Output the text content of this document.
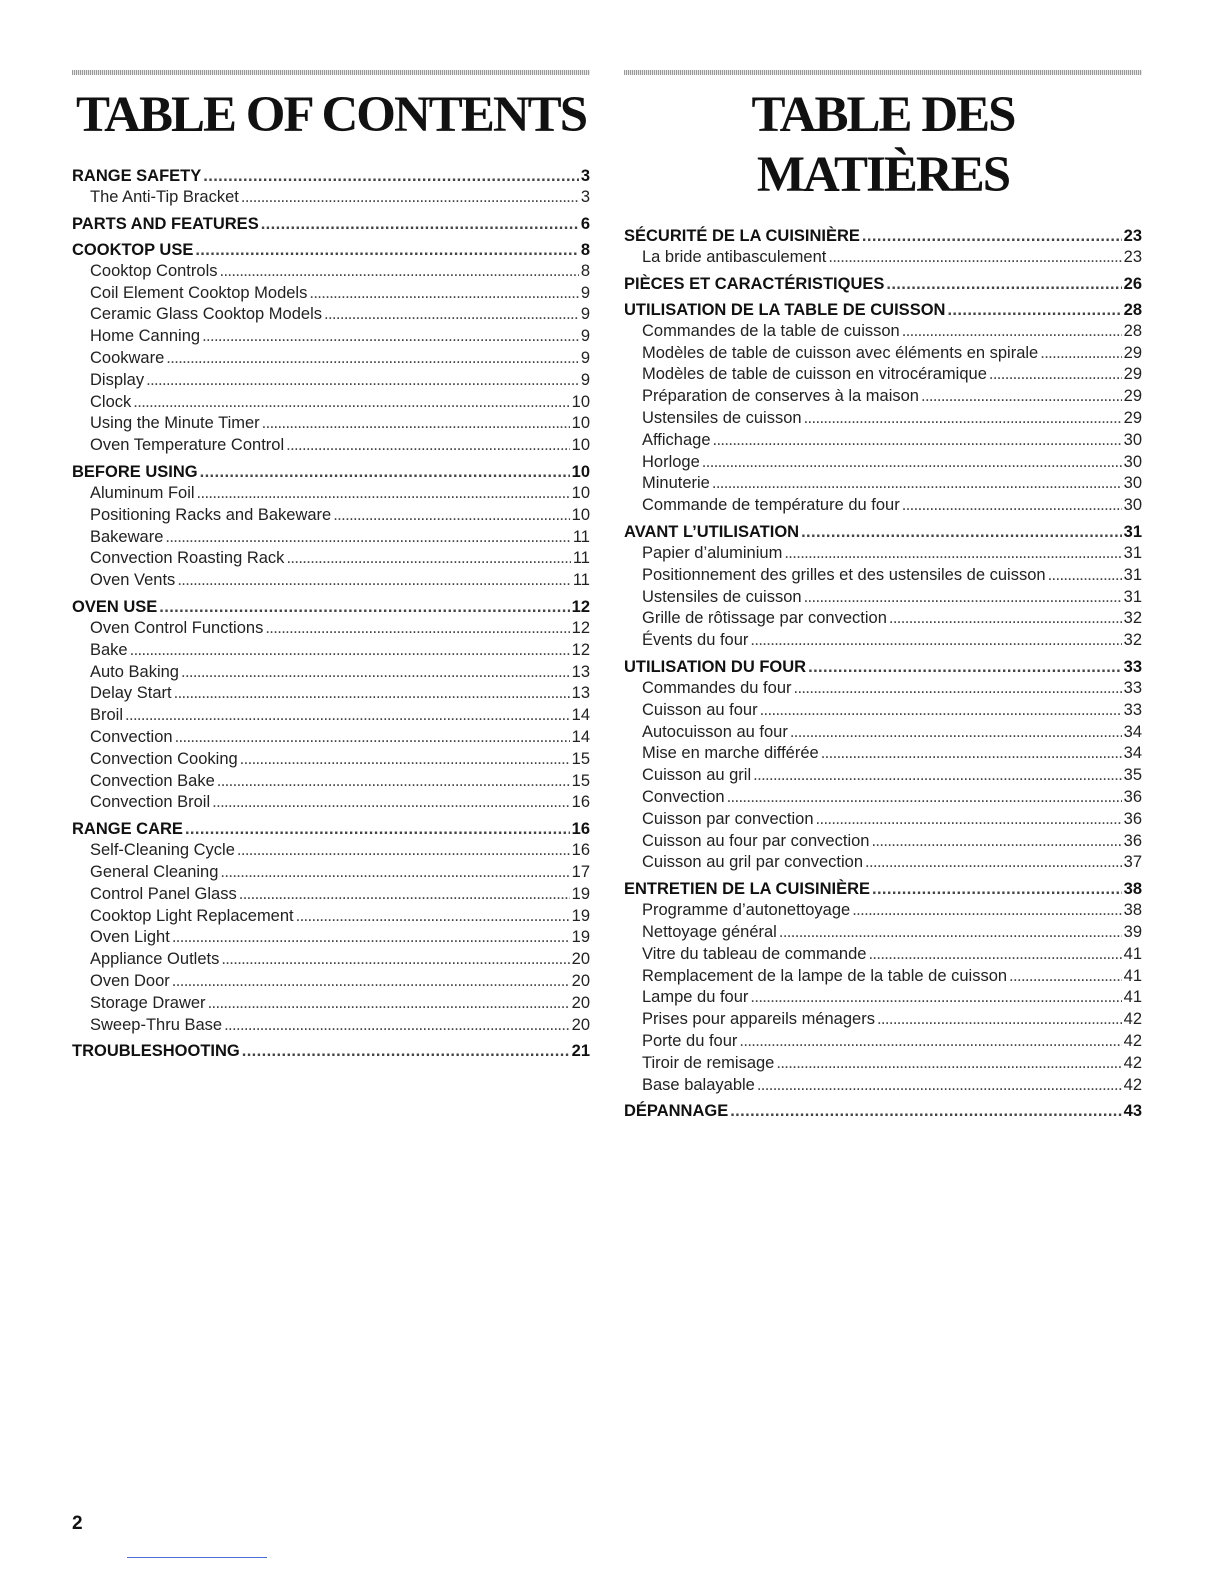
TABLE OF CONTENTS
RANGE SAFETY . . .	3
The Anti-Tip Bracket . . .	3
PARTS AND FEATURES . . .	6
COOKTOP USE . . .	8
Cooktop Controls . . .	8
Coil Element Cooktop Models . . .	9
Ceramic Glass Cooktop Models . . .	9
Home Canning . . .	9
Cookware . . .	9
Display . . .	9
Clock . . .	10
Using the Minute Timer . . .	10
Oven Temperature Control . . .	10
BEFORE USING . . .	10
Aluminum Foil . . .	10
Positioning Racks and Bakeware . . .	10
Bakeware . . .	11
Convection Roasting Rack . . .	11
Oven Vents . . .	11
OVEN USE . . .	12
Oven Control Functions . . .	12
Bake . . .	12
Auto Baking . . .	13
Delay Start . . .	13
Broil . . .	14
Convection . . .	14
Convection Cooking . . .	15
Convection Bake . . .	15
Convection Broil . . .	16
RANGE CARE . . .	16
Self-Cleaning Cycle . . .	16
General Cleaning . . .	17
Control Panel Glass . . .	19
Cooktop Light Replacement . . .	19
Oven Light . . .	19
Appliance Outlets . . .	20
Oven Door . . .	20
Storage Drawer . . .	20
Sweep-Thru Base . . .	20
TROUBLESHOOTING . . .	21
TABLE DES MATIÈRES
SÉCURITÉ DE LA CUISINIÈRE . . .	23
La bride antibasculement . . .	23
PIÈCES ET CARACTÉRISTIQUES . . .	26
UTILISATION DE LA TABLE DE CUISSON . . .	28
Commandes de la table de cuisson . . .	28
Modèles de table de cuisson avec éléments en spirale . . .	29
Modèles de table de cuisson en vitrocéramique . . .	29
Préparation de conserves à la maison . . .	29
Ustensiles de cuisson . . .	29
Affichage . . .	30
Horloge . . .	30
Minuterie . . .	30
Commande de température du four . . .	30
AVANT L’UTILISATION . . .	31
Papier d’aluminium . . .	31
Positionnement des grilles et des ustensiles de cuisson . . .	31
Ustensiles de cuisson . . .	31
Grille de rôtissage par convection . . .	32
Évents du four . . .	32
UTILISATION DU FOUR . . .	33
Commandes du four . . .	33
Cuisson au four . . .	33
Autocuisson au four . . .	34
Mise en marche différée . . .	34
Cuisson au gril . . .	35
Convection . . .	36
Cuisson par convection . . .	36
Cuisson au four par convection . . .	36
Cuisson au gril par convection . . .	37
ENTRETIEN DE LA CUISINIÈRE . . .	38
Programme d’autonettoyage . . .	38
Nettoyage général . . .	39
Vitre du tableau de commande . . .	41
Remplacement de la lampe de la table de cuisson . . .	41
Lampe du four . . .	41
Prises pour appareils ménagers . . .	42
Porte du four . . .	42
Tiroir de remisage . . .	42
Base balayable . . .	42
DÉPANNAGE . . .	43
2
